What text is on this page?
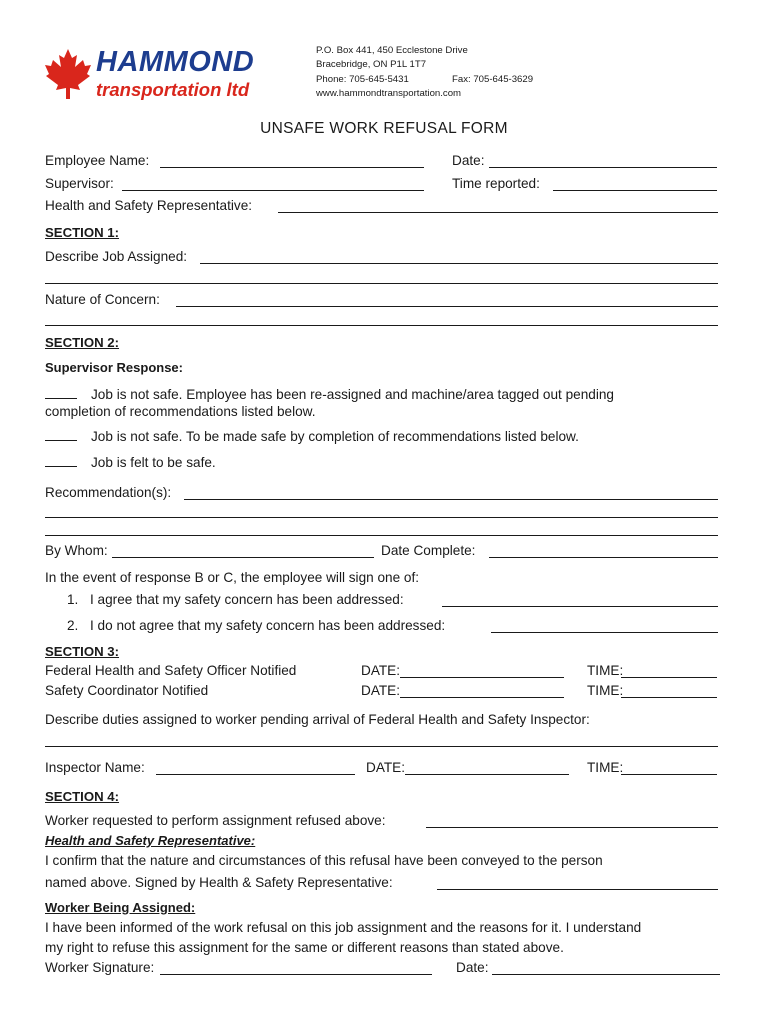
HAMMOND
transportation ltd
P.O. Box 441, 450 Ecclestone Drive
Bracebridge, ON P1L 1T7
Phone: 705-645-5431	Fax: 705-645-3629
www.hammondtransportation.com
UNSAFE WORK REFUSAL FORM
Employee Name:	Date:
Supervisor:	Time reported:
Health and Safety Representative:
SECTION 1:
Describe Job Assigned:
Nature of Concern:
SECTION 2:
Supervisor Response:
Job is not safe. Employee has been re-assigned and machine/area tagged out pending
completion of recommendations listed below.
Job is not safe. To be made safe by completion of recommendations listed below.
Job is felt to be safe.
Recommendation(s):
By Whom:	Date Complete:
In the event of response B or C, the employee will sign one of:
1. I agree that my safety concern has been addressed:
2. I do not agree that my safety concern has been addressed:
SECTION 3:
Federal Health and Safety Officer Notified	DATE:	TIME:
Safety Coordinator Notified	DATE:	TIME:
Describe duties assigned to worker pending arrival of Federal Health and Safety Inspector:
Inspector Name:	DATE:	TIME:
SECTION 4:
Worker requested to perform assignment refused above:
Health and Safety Representative:
I confirm that the nature and circumstances of this refusal have been conveyed to the person
named above. Signed by Health & Safety Representative:
Worker Being Assigned:
I have been informed of the work refusal on this job assignment and the reasons for it. I understand
my right to refuse this assignment for the same or different reasons than stated above.
Worker Signature:	Date:
